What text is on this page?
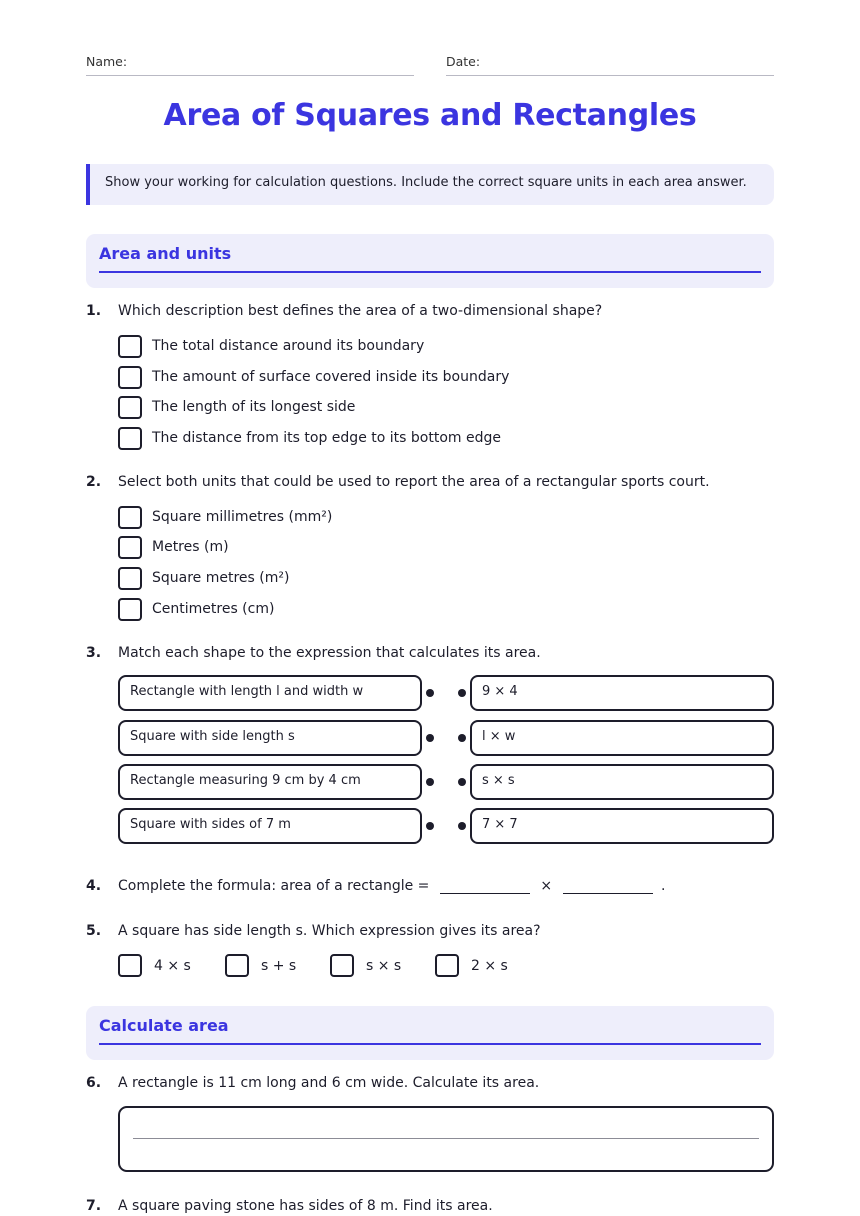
Name:	Date:
Area of Squares and Rectangles
Show your working for calculation questions. Include the correct square units in each area answer.
Area and units
1. Which description best defines the area of a two-dimensional shape?
The total distance around its boundary
The amount of surface covered inside its boundary
The length of its longest side
The distance from its top edge to its bottom edge
2. Select both units that could be used to report the area of a rectangular sports court.
Square millimetres (mm²)
Metres (m)
Square metres (m²)
Centimetres (cm)
3. Match each shape to the expression that calculates its area.
Rectangle with length l and width w	9 × 4
Square with side length s	l × w
Rectangle measuring 9 cm by 4 cm	s × s
Square with sides of 7 m	7 × 7
4. Complete the formula: area of a rectangle =	×	.
5. A square has side length s. Which expression gives its area?
4 × s	s + s	s × s	2 × s
Calculate area
6. A rectangle is 11 cm long and 6 cm wide. Calculate its area.
7. A square paving stone has sides of 8 m. Find its area.
